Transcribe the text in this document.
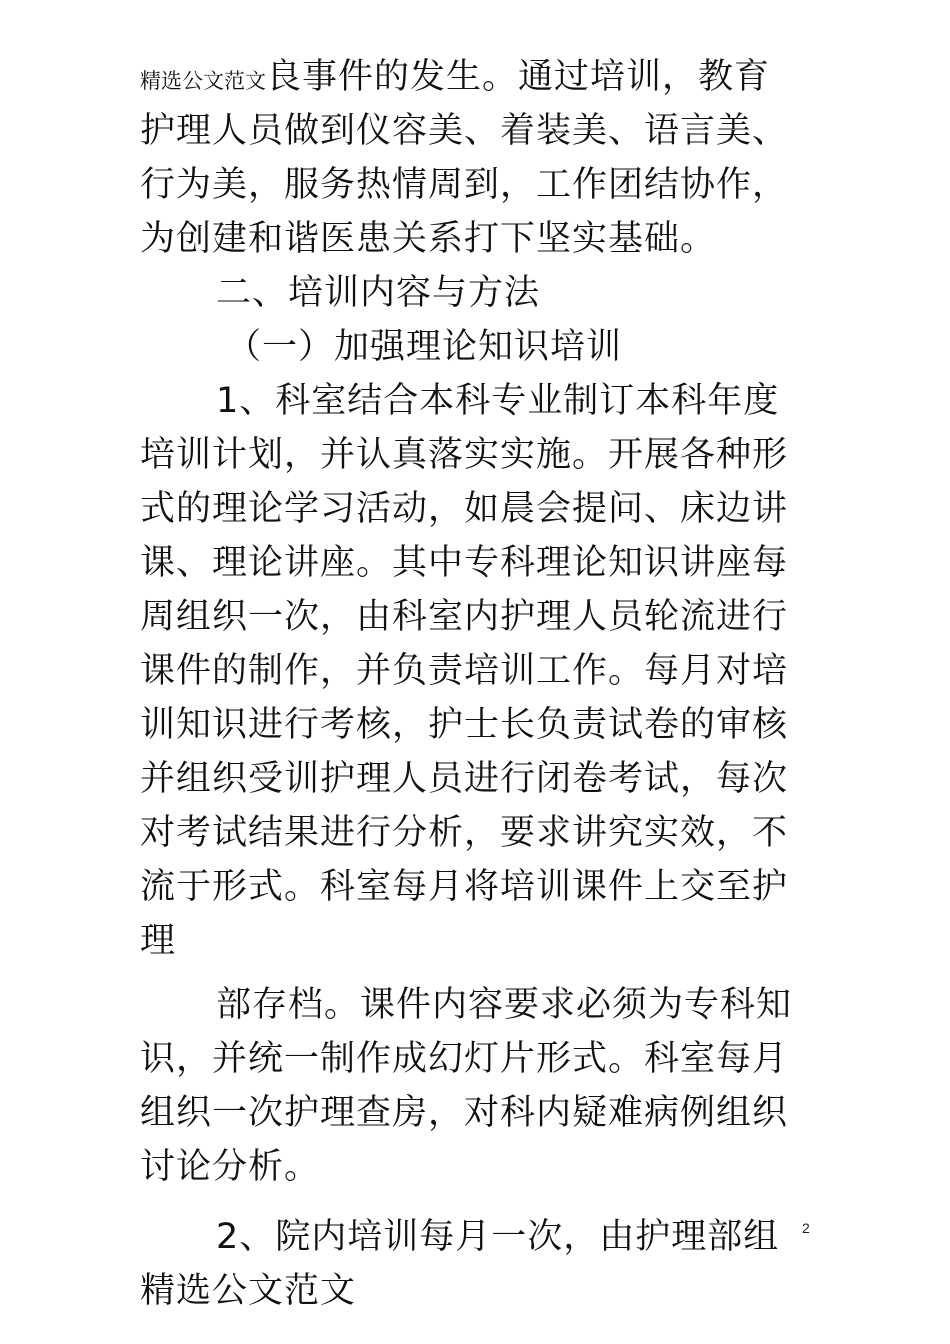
精选公文范文良事件的发生。通过培训，教育
护理人员做到仪容美、着装美、语言美、
行为美，服务热情周到，工作团结协作，
为创建和谐医患关系打下坚实基础。
二、培训内容与方法
（一）加强理论知识培训
1、科室结合本科专业制订本科年度
培训计划，并认真落实实施。开展各种形
式的理论学习活动，如晨会提问、床边讲
课、理论讲座。其中专科理论知识讲座每
周组织一次，由科室内护理人员轮流进行
课件的制作，并负责培训工作。每月对培
训知识进行考核，护士长负责试卷的审核
并组织受训护理人员进行闭卷考试，每次
对考试结果进行分析，要求讲究实效，不
流于形式。科室每月将培训课件上交至护
理
部存档。课件内容要求必须为专科知
识，并统一制作成幻灯片形式。科室每月
组织一次护理查房，对科内疑难病例组织
讨论分析。
2、院内培训每月一次，由护理部组
精选公文范文
2
